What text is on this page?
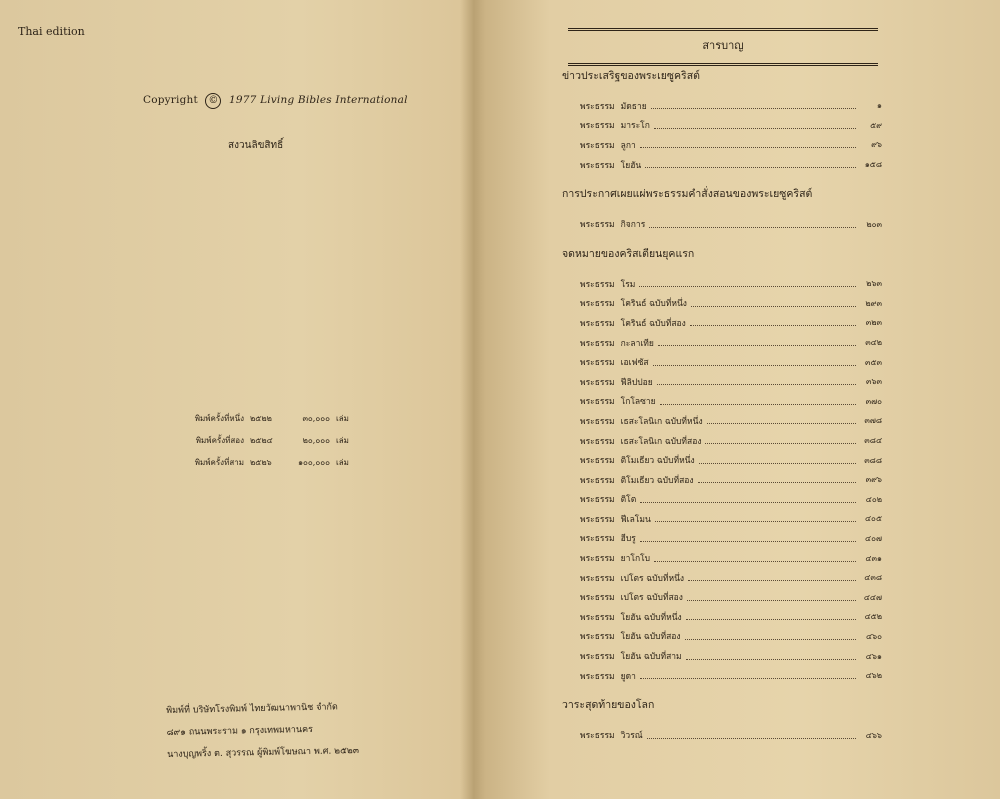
Thai edition
Copyright © 1977 Living Bibles International
สงวนลิขสิทธิ์
พิมพ์ครั้งที่หนึ่ง ๒๕๒๒	๓๐,๐๐๐ เล่ม
พิมพ์ครั้งที่สอง ๒๕๒๔	๒๐,๐๐๐ เล่ม
พิมพ์ครั้งที่สาม ๒๕๒๖	๑๐๐,๐๐๐ เล่ม
พิมพ์ที่ บริษัทโรงพิมพ์ ไทยวัฒนาพานิช จำกัด
๘๙๑ ถนนพระราม ๑ กรุงเทพมหานคร
นางบุญพริ้ง ต. สุวรรณ ผู้พิมพ์โฆษณา พ.ศ. ๒๕๒๓
สารบาญ
ข่าวประเสริฐของพระเยซูคริสต์
พระธรรม มัดธาย	๑
พระธรรม มาระโก	๕๙
พระธรรม ลูกา	๙๖
พระธรรม โยฮัน	๑๕๘
การประกาศเผยแผ่พระธรรมคำสั่งสอนของพระเยซูคริสต์
พระธรรม กิจการ	๒๐๓
จดหมายของคริสเตียนยุคแรก
พระธรรม โรม	๒๖๓
พระธรรม โครินธ์ ฉบับที่หนึ่ง	๒๙๓
พระธรรม โครินธ์ ฉบับที่สอง	๓๒๓
พระธรรม กะลาเทีย	๓๔๒
พระธรรม เอเฟซัส	๓๕๓
พระธรรม ฟีลิปปอย	๓๖๓
พระธรรม โกโลซาย	๓๗๐
พระธรรม เธสะโลนิเก ฉบับที่หนึ่ง	๓๗๘
พระธรรม เธสะโลนิเก ฉบับที่สอง	๓๘๔
พระธรรม ติโมเธียว ฉบับที่หนึ่ง	๓๘๘
พระธรรม ติโมเธียว ฉบับที่สอง	๓๙๖
พระธรรม ติโต	๔๐๒
พระธรรม ฟีเลโมน	๔๐๕
พระธรรม ฮีบรู	๔๐๗
พระธรรม ยาโกโบ	๔๓๑
พระธรรม เปโตร ฉบับที่หนึ่ง	๔๓๘
พระธรรม เปโตร ฉบับที่สอง	๔๔๗
พระธรรม โยฮัน ฉบับที่หนึ่ง	๔๕๒
พระธรรม โยฮัน ฉบับที่สอง	๔๖๐
พระธรรม โยฮัน ฉบับที่สาม	๔๖๑
พระธรรม ยูดา	๔๖๒
วาระสุดท้ายของโลก
พระธรรม วิวรณ์	๔๖๖
